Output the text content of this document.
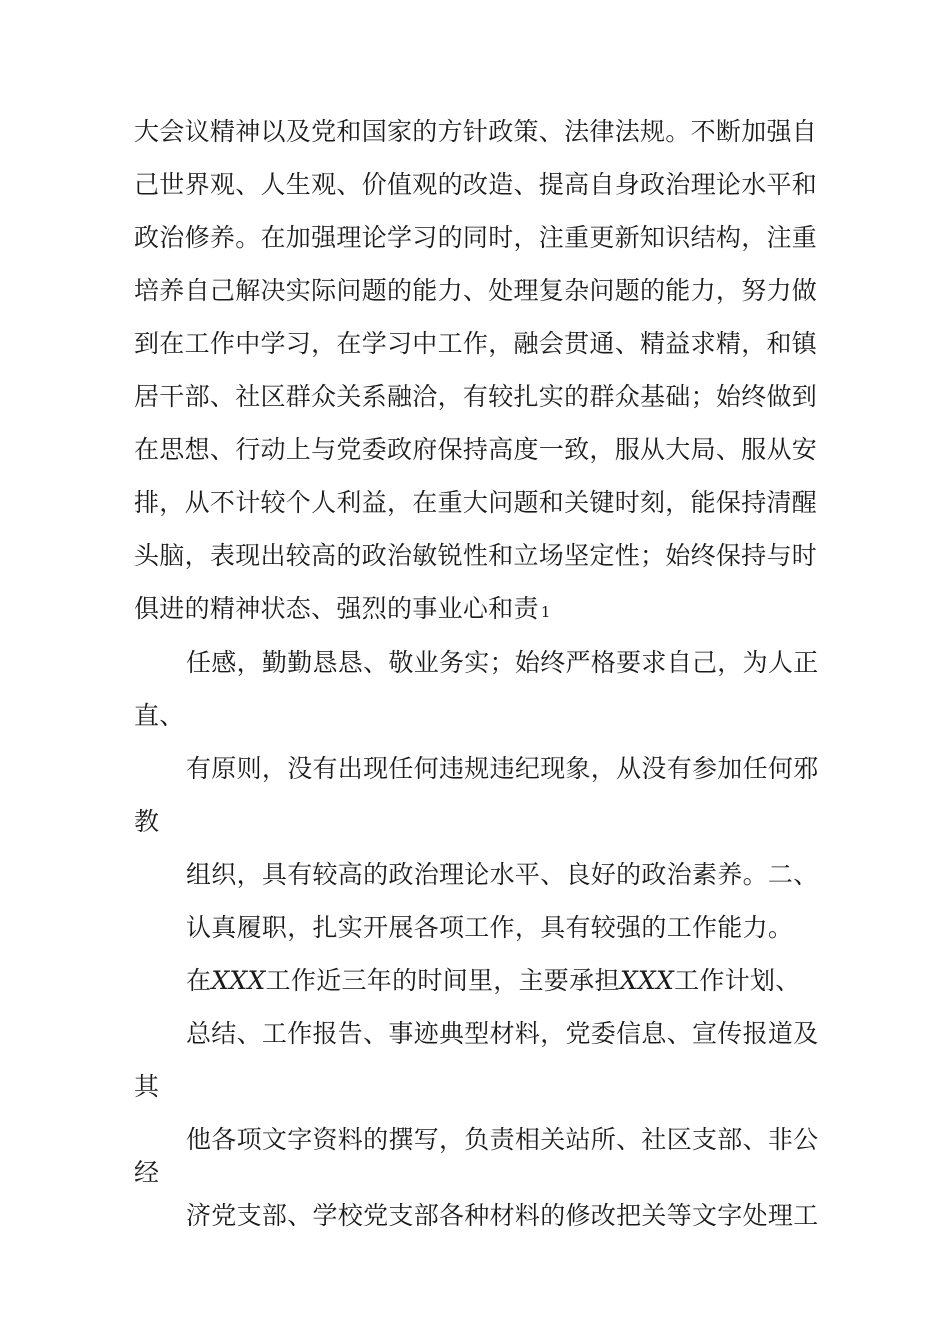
大会议精神以及党和国家的方针政策、法律法规。不断加强自
己世界观、人生观、价值观的改造、提高自身政治理论水平和
政治修养。在加强理论学习的同时，注重更新知识结构，注重
培养自己解决实际问题的能力、处理复杂问题的能力，努力做
到在工作中学习，在学习中工作，融会贯通、精益求精，和镇
居干部、社区群众关系融洽，有较扎实的群众基础；始终做到
在思想、行动上与党委政府保持高度一致，服从大局、服从安
排，从不计较个人利益，在重大问题和关键时刻，能保持清醒
头脑，表现出较高的政治敏锐性和立场坚定性；始终保持与时
俱进的精神状态、强烈的事业心和责 1
任感，勤勤恳恳、敬业务实；始终严格要求自己，为人正
直、
有原则，没有出现任何违规违纪现象，从没有参加任何邪
教
组织，具有较高的政治理论水平、良好的政治素养。二、
认真履职，扎实开展各项工作，具有较强的工作能力。
在XXX工作近三年的时间里，主要承担XXX工作计划、
总结、工作报告、事迹典型材料，党委信息、宣传报道及
其
他各项文字资料的撰写，负责相关站所、社区支部、非公
经
济党支部、学校党支部各种材料的修改把关等文字处理工
